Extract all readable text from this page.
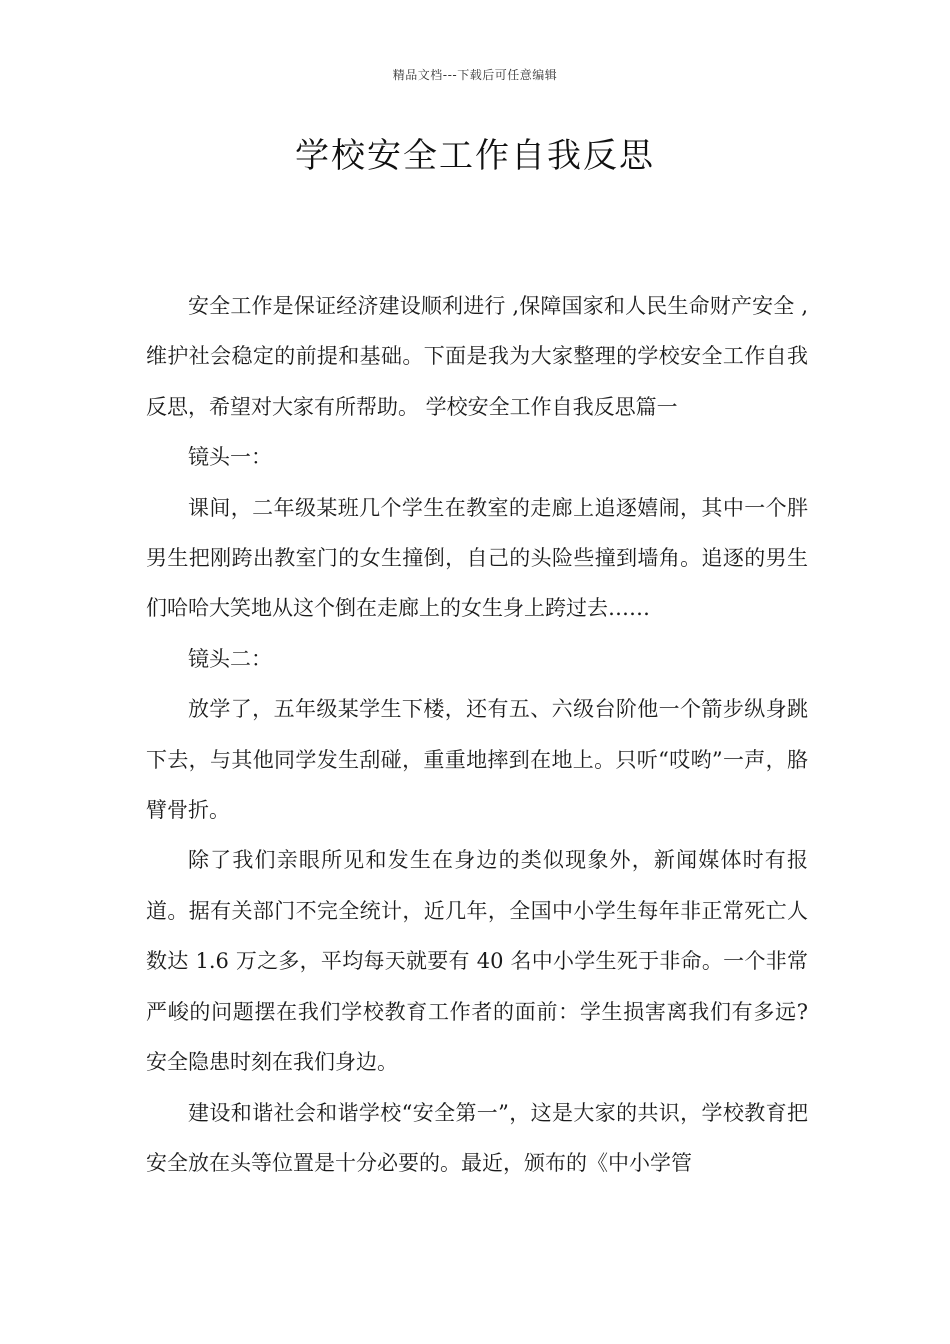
精品文档---下载后可任意编辑
学校安全工作自我反思

安全工作是保证经济建设顺利进行 ,保障国家和人民生命财产安全 ,维护社会稳定的前提和基础。下面是我为大家整理的学校安全工作自我反思，希望对大家有所帮助。 学校安全工作自我反思篇一

镜头一：

课间，二年级某班几个学生在教室的走廊上追逐嬉闹，其中一个胖男生把刚跨出教室门的女生撞倒，自己的头险些撞到墙角。追逐的男生们哈哈大笑地从这个倒在走廊上的女生身上跨过去……

镜头二：

放学了，五年级某学生下楼，还有五、六级台阶他一个箭步纵身跳下去，与其他同学发生刮碰，重重地摔到在地上。只听“哎哟”一声，胳臂骨折。

除了我们亲眼所见和发生在身边的类似现象外，新闻媒体时有报道。据有关部门不完全统计，近几年，全国中小学生每年非正常死亡人数达 1.6 万之多，平均每天就要有 40 名中小学生死于非命。一个非常严峻的问题摆在我们学校教育工作者的面前：学生损害离我们有多远?安全隐患时刻在我们身边。

建设和谐社会和谐学校“安全第一”，这是大家的共识，学校教育把安全放在头等位置是十分必要的。最近，颁布的《中小学管
